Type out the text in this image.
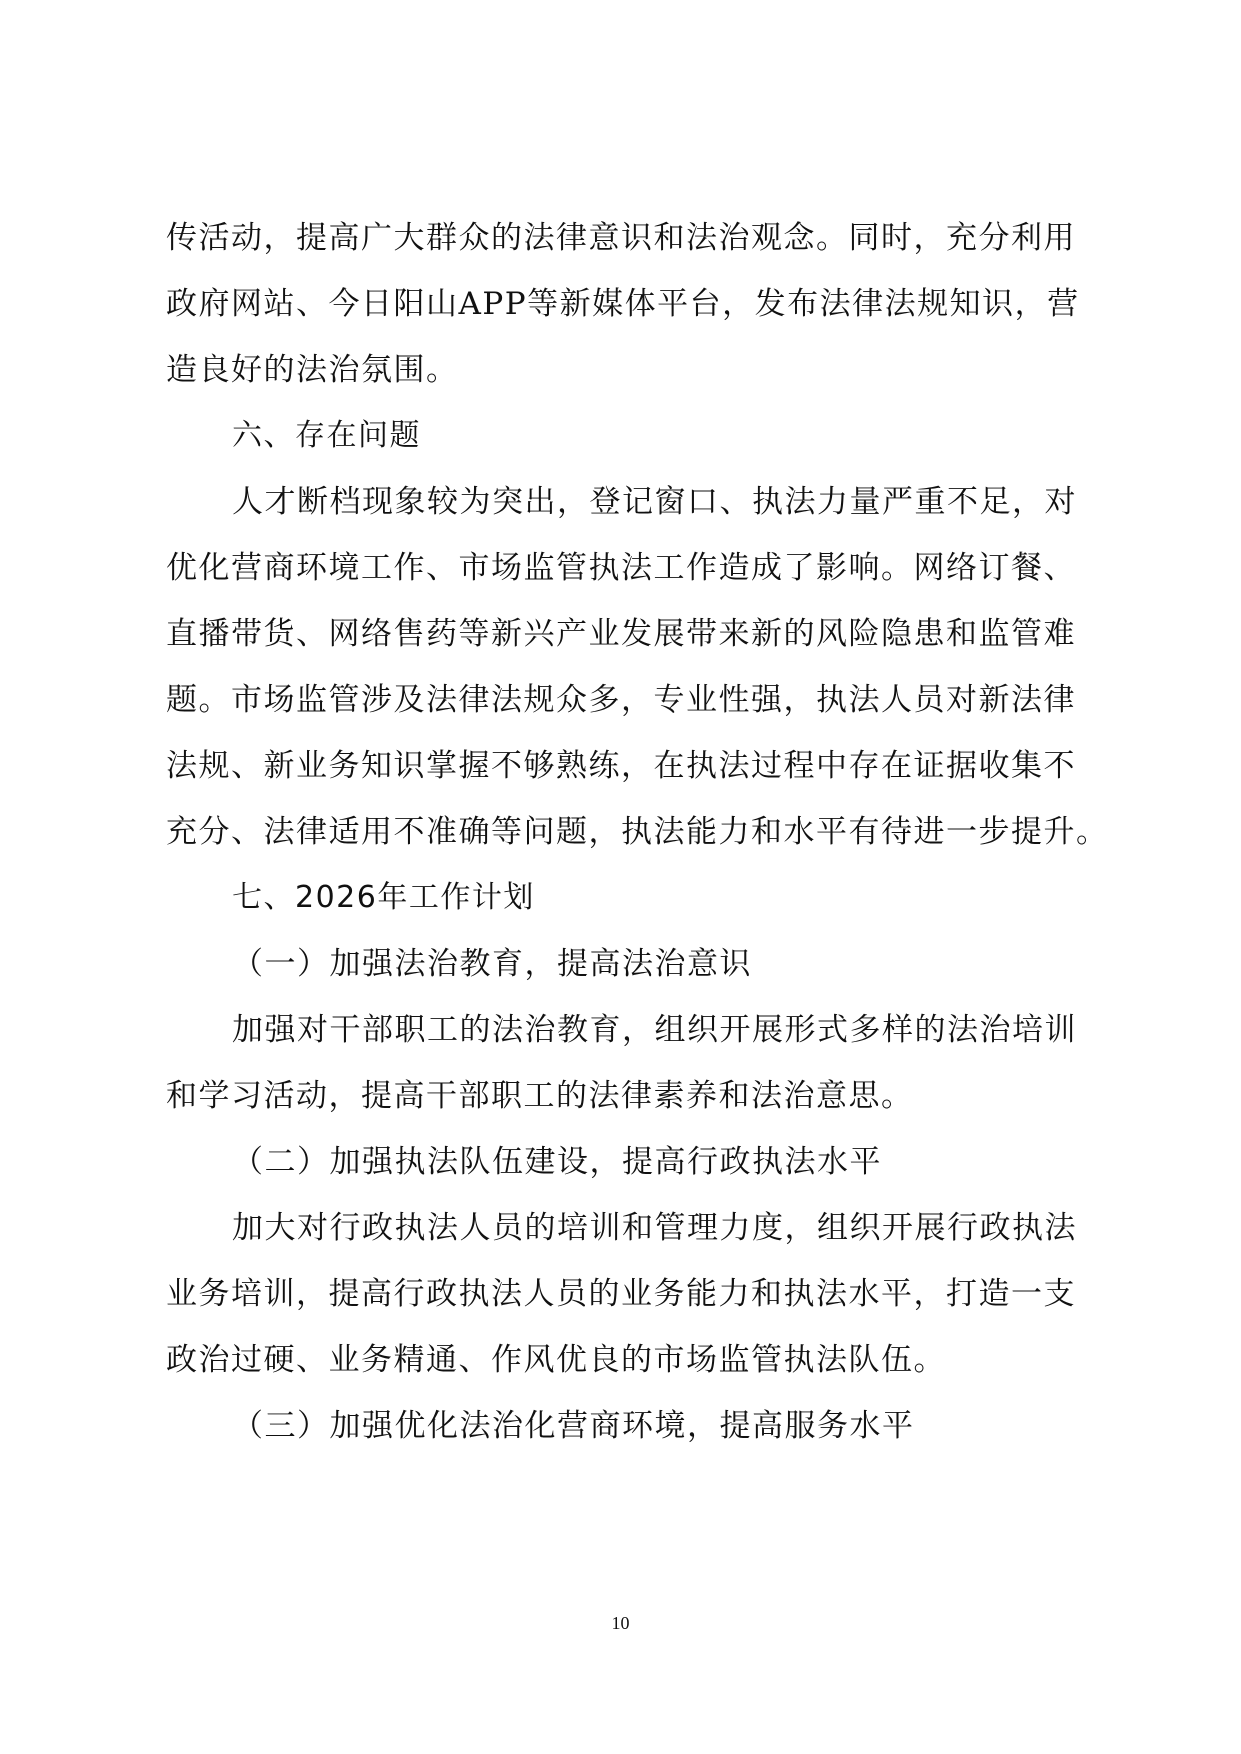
传活动，提高广大群众的法律意识和法治观念。同时，充分利用
政府网站、今日阳山APP等新媒体平台，发布法律法规知识，营
造良好的法治氛围。
六、存在问题
人才断档现象较为突出，登记窗口、执法力量严重不足，对
优化营商环境工作、市场监管执法工作造成了影响。网络订餐、
直播带货、网络售药等新兴产业发展带来新的风险隐患和监管难
题。市场监管涉及法律法规众多，专业性强，执法人员对新法律
法规、新业务知识掌握不够熟练，在执法过程中存在证据收集不
充分、法律适用不准确等问题，执法能力和水平有待进一步提升。
七、2026年工作计划
（一）加强法治教育，提高法治意识
加强对干部职工的法治教育，组织开展形式多样的法治培训
和学习活动，提高干部职工的法律素养和法治意思。
（二）加强执法队伍建设，提高行政执法水平
加大对行政执法人员的培训和管理力度，组织开展行政执法
业务培训，提高行政执法人员的业务能力和执法水平，打造一支
政治过硬、业务精通、作风优良的市场监管执法队伍。
（三）加强优化法治化营商环境，提高服务水平
10
